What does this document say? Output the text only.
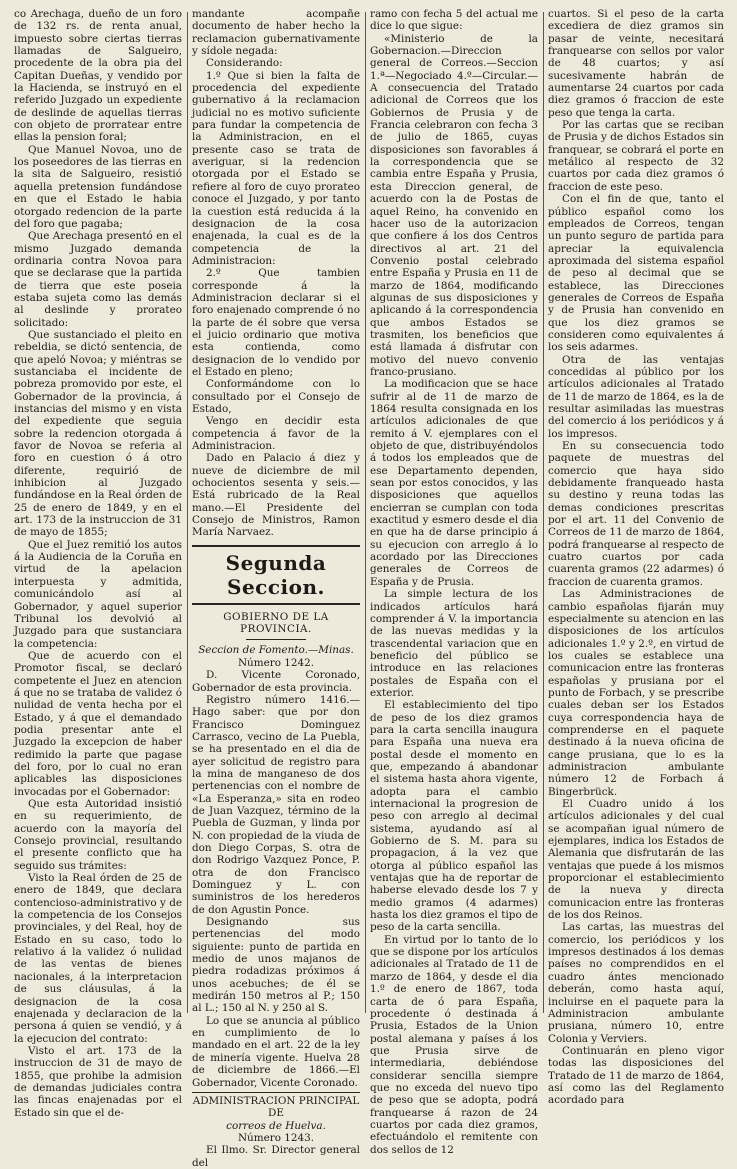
co Arechaga, dueño de un foro de 132 rs. de renta anual, impuesto sobre ciertas tierras llamadas de Salgueiro, procedente de la obra pia del Capitan Dueñas, y vendido por la Hacienda, se instruyó en el referido Juzgado un expediente de deslinde de aquellas tierras con objeto de prorratear entre ellas la pension foral;

Que Manuel Novoa, uno de los poseedores de las tierras en la sita de Salgueiro, resistió aquella pretension fundándose en que el Estado le habia otorgado redencion de la parte del foro que pagaba;

Que Arechaga presentó en el mismo Juzgado demanda ordinaria contra Novoa para que se declarase que la partida de tierra que este poseia estaba sujeta como las demás al deslinde y prorateo solicitado:

Que sustanciado el pleito en rebeldia, se dictó sentencia, de que apeló Novoa; y miéntras se sustanciaba el incidente de pobreza promovido por este, el Gobernador de la provincia, á instancias del mismo y en vista del expediente que seguia sobre la redencion otorgada á favor de Novoa se referia al foro en cuestion ó á otro diferente, requirió de inhibicion al Juzgado fundándose en la Real órden de 25 de enero de 1849, y en el art. 173 de la instruccion de 31 de mayo de 1855;

Que el Juez remitió los autos á la Audiencia de la Coruña en virtud de la apelacion interpuesta y admitida, comunicándolo así al Gobernador, y aquel superior Tribunal los devolvió al Juzgado para que sustanciara la competencia:

Que de acuerdo con el Promotor fiscal, se declaró competente el Juez en atencion á que no se trataba de validez ó nulidad de venta hecha por el Estado, y á que el demandado podia presentar ante el Juzgado la excepcion de haber redimido la parte que pagase del foro, por lo cual no eran aplicables las disposiciones invocadas por el Gobernador:

Que esta Autoridad insistió en su requerimiento, de acuerdo con la mayoría del Consejo provincial, resultando el presente conflicto que ha seguido sus trámites:

Visto la Real órden de 25 de enero de 1849, que declara contencioso-administrativo y de la competencia de los Consejos provinciales, y del Real, hoy de Estado en su caso, todo lo relativo á la validez ó nulidad de las ventas de bienes nacionales, á la interpretacion de sus cláusulas, á la designacion de la cosa enajenada y declaracion de la persona á quien se vendió, y á la ejecucion del contrato:

Visto el art. 173 de la instruccion de 31 de mayo de 1855, que prohibe la admision de demandas judiciales contra las fincas enajenadas por el Estado sin que el de-

mandante acompañe documento de haber hecho la reclamacion gubernativamente y sídole negada:

Considerando:

1.º Que si bien la falta de procedencia del expediente gubernativo á la reclamacion judicial no es motivo suficiente para fundar la competencia de la Administracion, en el presente caso se trata de averiguar, si la redencion otorgada por el Estado se refiere al foro de cuyo prorateo conoce el Juzgado, y por tanto la cuestion está reducida á la designacion de la cosa enajenada, la cual es de la competencia de la Administracion:

2.º Que tambien corresponde á la Administracion declarar si el foro enajenado comprende ó no la parte de él sobre que versa el juicio ordinario que motiva esta contienda, como designacion de lo vendido por el Estado en pleno;

Conformándome con lo consultado por el Consejo de Estado,

Vengo en decidir esta competencia á favor de la Administracion.

Dado en Palacio á diez y nueve de diciembre de mil ochocientos sesenta y seis.—Está rubricado de la Real mano.—El Presidente del Consejo de Ministros, Ramon María Narvaez.

Segunda Seccion.
GOBIERNO DE LA PROVINCIA.

Seccion de Fomento.—Minas.

Número 1242.

D. Vicente Coronado, Gobernador de esta provincia.

Registro número 1416.—Hago saber: que por don Francisco Dominguez Carrasco, vecino de La Puebla, se ha presentado en el dia de ayer solicitud de registro para la mina de manganeso de dos pertenencias con el nombre de «La Esperanza,» sita en rodeo de Juan Vazquez, término de la Puebla de Guzman, y linda por N. con propiedad de la viuda de don Diego Corpas, S. otra de don Rodrigo Vazquez Ponce, P. otra de don Francisco Dominguez y L. con suministros de los herederos de don Agustin Ponce.

Designando sus pertenencias del modo siguiente: punto de partida en medio de unos majanos de piedra rodadizas próximos á unos acebuches; de él se medirán 150 metros al P.; 150 al L.; 150 al N. y 250 al S.

Lo que se anuncia al público en cumplimiento de lo mandado en el art. 22 de la ley de minería vigente. Huelva 28 de diciembre de 1866.—El Gobernador, Vicente Coronado.

ADMINISTRACION PRINCIPAL DE

correos de Huelva.

Número 1243.

El Ilmo. Sr. Director general del

ramo con fecha 5 del actual me dice lo que sigue:

«Ministerio de la Gobernacion.—Direccion general de Correos.—Seccion 1.ª—Negociado 4.º—Circular.—A consecuencia del Tratado adicional de Correos que los Gobiernos de Prusia y de Francia celebraron con fecha 3 de julio de 1865, cuyas disposiciones son favorables á la correspondencia que se cambia entre España y Prusia, esta Direccion general, de acuerdo con la de Postas de aquel Reino, ha convenido en hacer uso de la autorizacion que confiere á los dos Centros directivos al art. 21 del Convenio postal celebrado entre España y Prusia en 11 de marzo de 1864, modificando algunas de sus disposiciones y aplicando á la correspondencia que ambos Estados se trasmiten, los beneficios que está llamada á disfrutar con motivo del nuevo convenio franco-prusiano.

La modificacion que se hace sufrir al de 11 de marzo de 1864 resulta consignada en los artículos adicionales de que remito á V. ejemplares con el objeto de que, distribuyéndolos á todos los empleados que de ese Departamento dependen, sean por estos conocidos, y las disposiciones que aquellos encierran se cumplan con toda exactitud y esmero desde el dia en que ha de darse principio á su ejecucion con arreglo á lo acordado por las Direcciones generales de Correos de España y de Prusia.

La simple lectura de los indicados artículos hará comprender á V. la importancia de las nuevas medidas y la trascendental variacion que en beneficio del público se introduce en las relaciones postales de España con el exterior.

El establecimiento del tipo de peso de los diez gramos para la carta sencilla inaugura para España una nueva era postal desde el momento en que, empezando á abandonar el sistema hasta ahora vigente, adopta para el cambio internacional la progresion de peso con arreglo al decimal sistema, ayudando así al Gobierno de S. M. para su propagacion, á la vez que otorga al público español las ventajas que ha de reportar de haberse elevado desde los 7 y medio gramos (4 adarmes) hasta los diez gramos el tipo de peso de la carta sencilla.

En virtud por lo tanto de lo que se dispone por los artículos adicionales al Tratado de 11 de marzo de 1864, y desde el dia 1.º de enero de 1867, toda carta de ó para España, procedente ó destinada á Prusia, Estados de la Union postal alemana y países á los que Prusia sirve de intermediaria, debiéndose considerar sencilla siempre que no exceda del nuevo tipo de peso que se adopta, podrá franquearse á razon de 24 cuartos por cada diez gramos, efectuándolo el remitente con dos sellos de 12

cuartos. Si el peso de la carta excediera de diez gramos sin pasar de veinte, necesitará franquearse con sellos por valor de 48 cuartos; y así sucesivamente habrán de aumentarse 24 cuartos por cada diez gramos ó fraccion de este peso que tenga la carta.

Por las cartas que se reciban de Prusia y de dichos Estados sin franquear, se cobrará el porte en metálico al respecto de 32 cuartos por cada diez gramos ó fraccion de este peso.

Con el fin de que, tanto el público español como los empleados de Correos, tengan un punto seguro de partida para apreciar la equivalencia aproximada del sistema español de peso al decimal que se establece, las Direcciones generales de Correos de España y de Prusia han convenido en que los diez gramos se consideren como equivalentes á los seis adarmes.

Otra de las ventajas concedidas al público por los artículos adicionales al Tratado de 11 de marzo de 1864, es la de resultar asimiladas las muestras del comercio á los periódicos y á los impresos.

En su consecuencia todo paquete de muestras del comercio que haya sido debidamente franqueado hasta su destino y reuna todas las demas condiciones prescritas por el art. 11 del Convenio de Correos de 11 de marzo de 1864, podrá franquearse al respecto de cuatro cuartos por cada cuarenta gramos (22 adarmes) ó fraccion de cuarenta gramos.

Las Administraciones de cambio españolas fijarán muy especialmente su atencion en las disposiciones de los artículos adicionales 1.º y 2.º, en virtud de los cuales se establece una comunicacion entre las fronteras españolas y prusiana por el punto de Forbach, y se prescribe cuales deban ser los Estados cuya correspondencia haya de comprenderse en el paquete destinado á la nueva oficina de cange prusiana, que lo es la administracion ambulante número 12 de Forbach á Bingerbrück.

El Cuadro unido á los artículos adicionales y del cual se acompañan igual número de ejemplares, indica los Estados de Alemania que disfrutarán de las ventajas que puede á los mismos proporcionar el establecimiento de la nueva y directa comunicacion entre las fronteras de los dos Reinos.

Las cartas, las muestras del comercio, los periódicos y los impresos destinados á los demas países no comprendidos en el cuadro ántes mencionado deberán, como hasta aquí, incluirse en el paquete para la Administracion ambulante prusiana, número 10, entre Colonia y Verviers.

Continuarán en pleno vigor todas las disposiciones del Tratado de 11 de marzo de 1864, así como las del Reglamento acordado para
